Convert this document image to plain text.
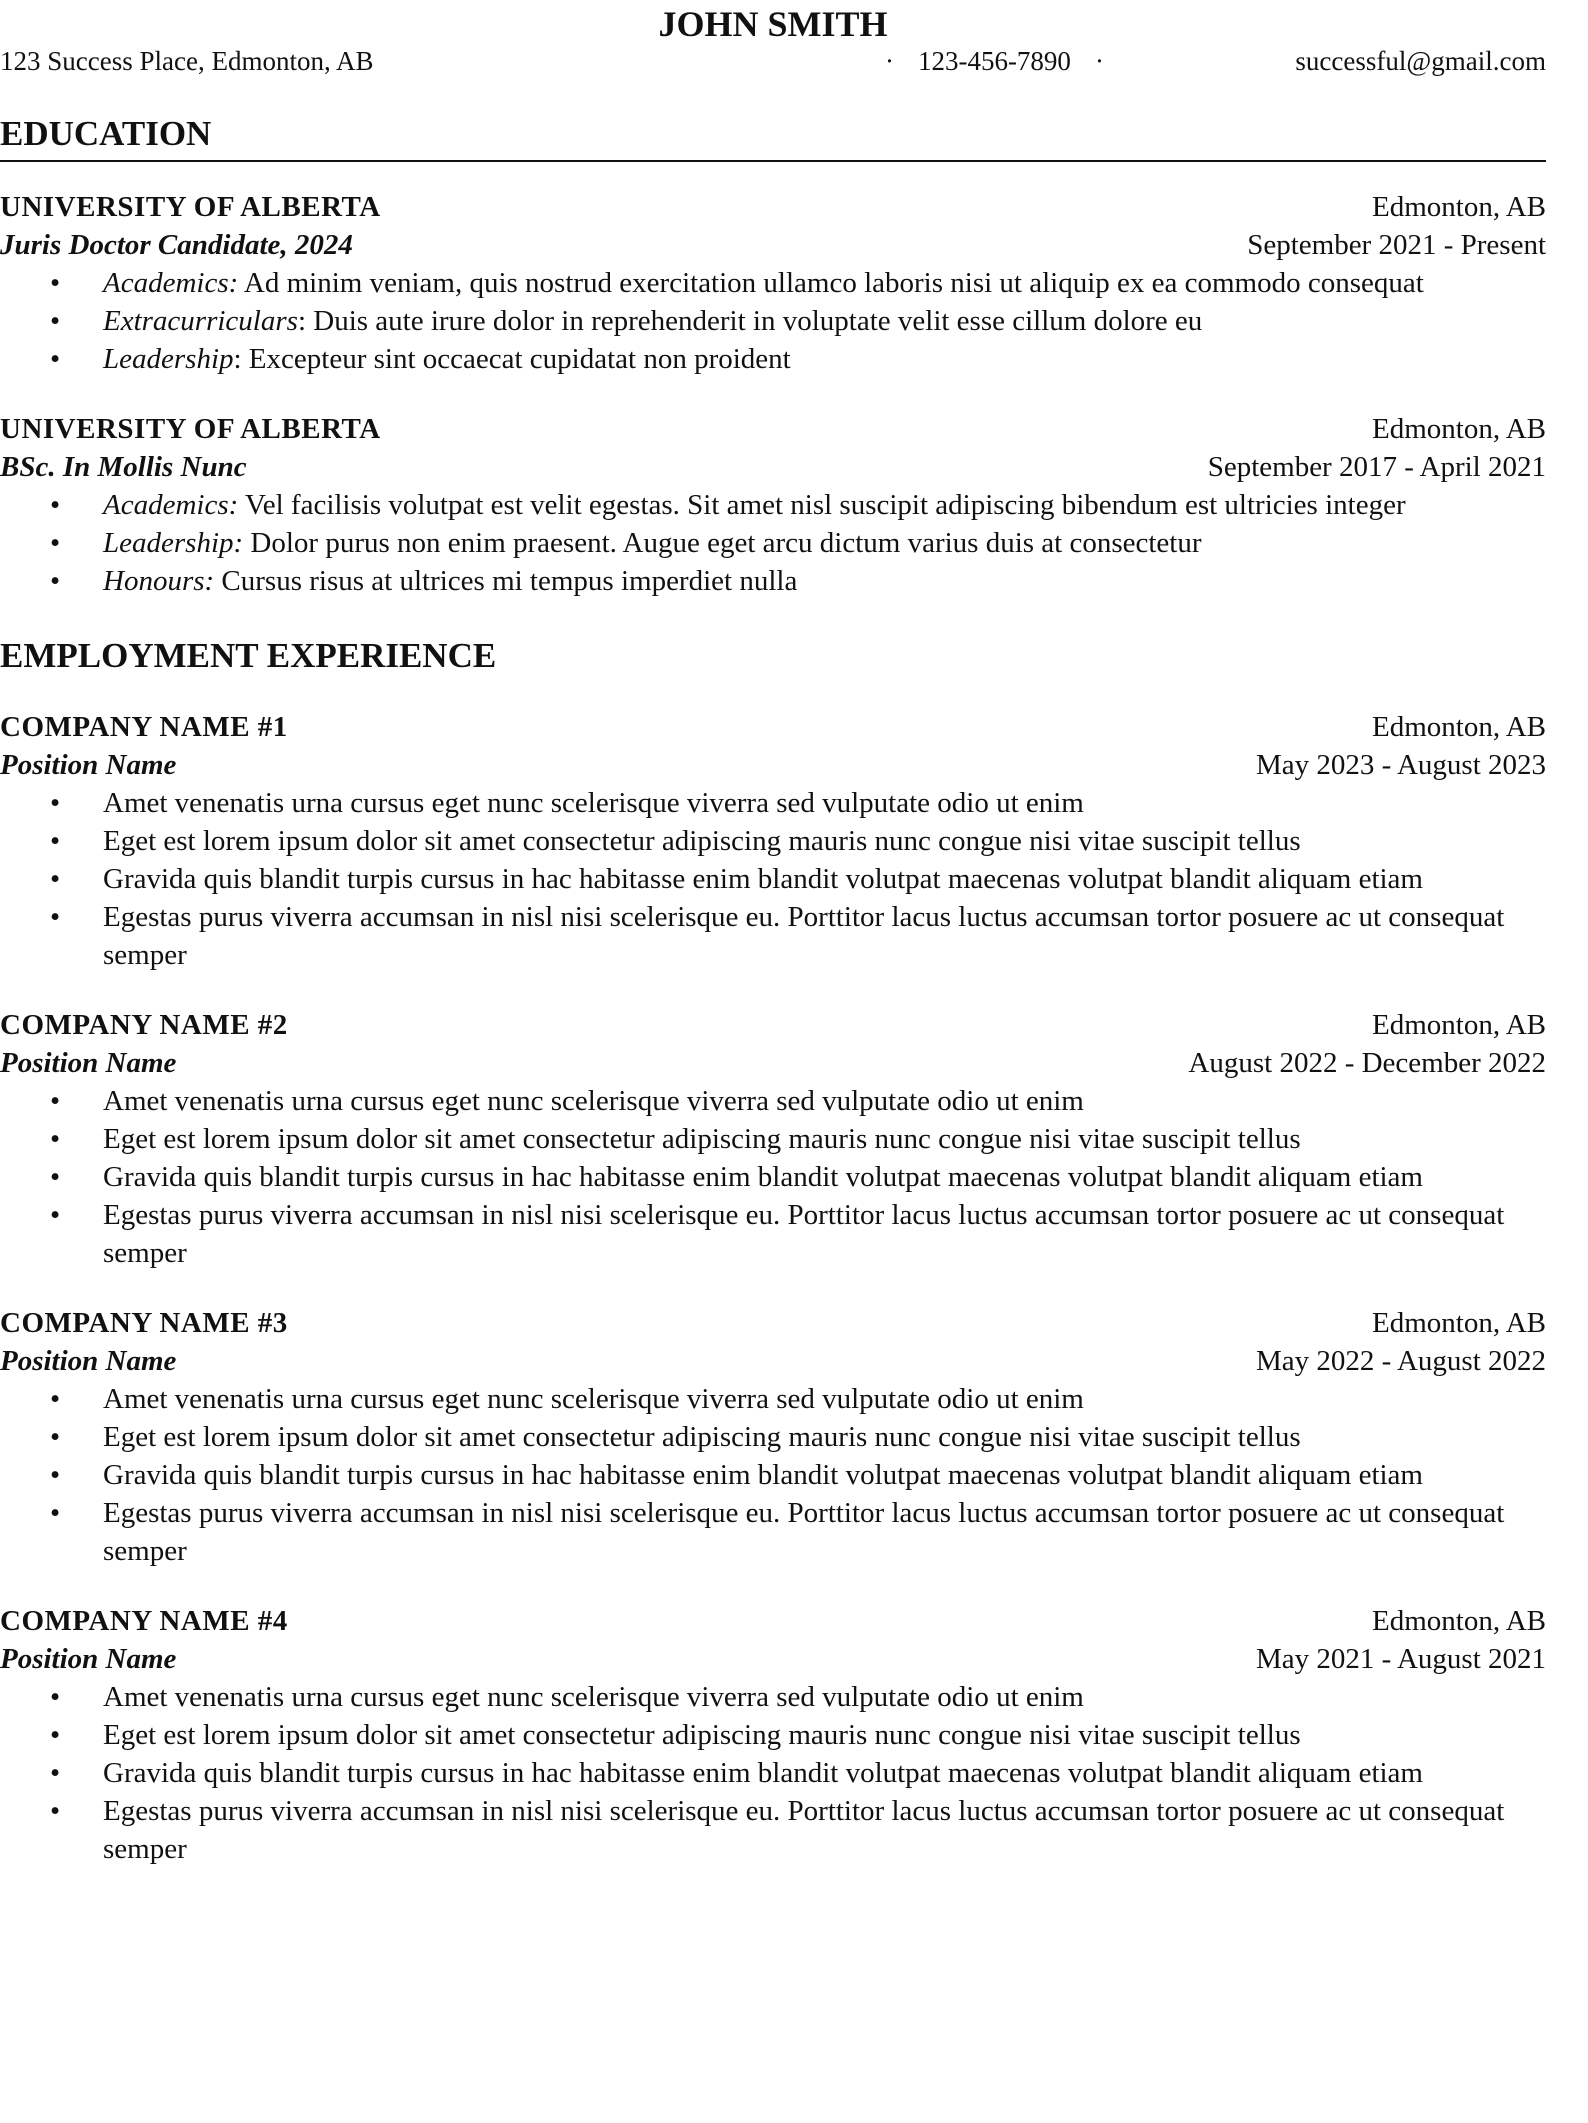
JOHN SMITH
123 Success Place, Edmonton, AB	· 123-456-7890 ·	successful@gmail.com
EDUCATION
UNIVERSITY OF ALBERTA	Edmonton, AB
Juris Doctor Candidate, 2024	September 2021 - Present
• Academics: Ad minim veniam, quis nostrud exercitation ullamco laboris nisi ut aliquip ex ea commodo consequat
• Extracurriculars: Duis aute irure dolor in reprehenderit in voluptate velit esse cillum dolore eu
• Leadership: Excepteur sint occaecat cupidatat non proident
UNIVERSITY OF ALBERTA	Edmonton, AB
BSc. In Mollis Nunc	September 2017 - April 2021
• Academics: Vel facilisis volutpat est velit egestas. Sit amet nisl suscipit adipiscing bibendum est ultricies integer
• Leadership: Dolor purus non enim praesent. Augue eget arcu dictum varius duis at consectetur
• Honours: Cursus risus at ultrices mi tempus imperdiet nulla
EMPLOYMENT EXPERIENCE
COMPANY NAME #1	Edmonton, AB
Position Name	May 2023 - August 2023
• Amet venenatis urna cursus eget nunc scelerisque viverra sed vulputate odio ut enim
• Eget est lorem ipsum dolor sit amet consectetur adipiscing mauris nunc congue nisi vitae suscipit tellus
• Gravida quis blandit turpis cursus in hac habitasse enim blandit volutpat maecenas volutpat blandit aliquam etiam
• Egestas purus viverra accumsan in nisl nisi scelerisque eu. Porttitor lacus luctus accumsan tortor posuere ac ut consequat semper
COMPANY NAME #2	Edmonton, AB
Position Name	August 2022 - December 2022
• Amet venenatis urna cursus eget nunc scelerisque viverra sed vulputate odio ut enim
• Eget est lorem ipsum dolor sit amet consectetur adipiscing mauris nunc congue nisi vitae suscipit tellus
• Gravida quis blandit turpis cursus in hac habitasse enim blandit volutpat maecenas volutpat blandit aliquam etiam
• Egestas purus viverra accumsan in nisl nisi scelerisque eu. Porttitor lacus luctus accumsan tortor posuere ac ut consequat semper
COMPANY NAME #3	Edmonton, AB
Position Name	May 2022 - August 2022
• Amet venenatis urna cursus eget nunc scelerisque viverra sed vulputate odio ut enim
• Eget est lorem ipsum dolor sit amet consectetur adipiscing mauris nunc congue nisi vitae suscipit tellus
• Gravida quis blandit turpis cursus in hac habitasse enim blandit volutpat maecenas volutpat blandit aliquam etiam
• Egestas purus viverra accumsan in nisl nisi scelerisque eu. Porttitor lacus luctus accumsan tortor posuere ac ut consequat semper
COMPANY NAME #4	Edmonton, AB
Position Name	May 2021 - August 2021
• Amet venenatis urna cursus eget nunc scelerisque viverra sed vulputate odio ut enim
• Eget est lorem ipsum dolor sit amet consectetur adipiscing mauris nunc congue nisi vitae suscipit tellus
• Gravida quis blandit turpis cursus in hac habitasse enim blandit volutpat maecenas volutpat blandit aliquam etiam
• Egestas purus viverra accumsan in nisl nisi scelerisque eu. Porttitor lacus luctus accumsan tortor posuere ac ut consequat semper
